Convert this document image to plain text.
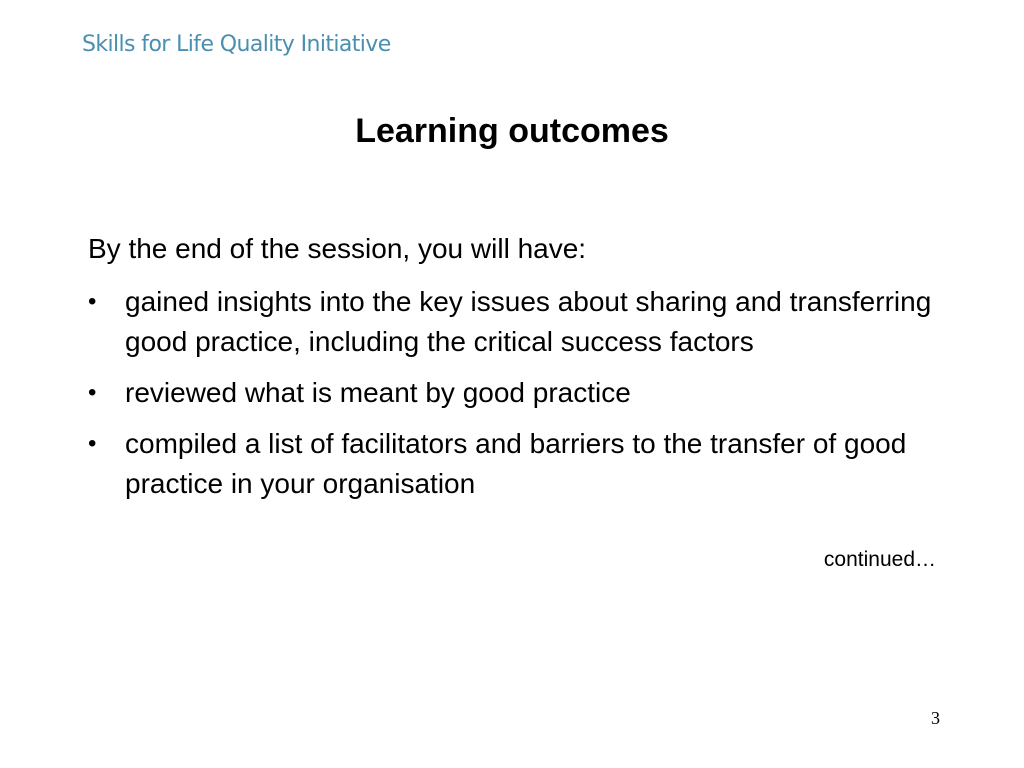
Skills for Life Quality Initiative
Learning outcomes
By the end of the session, you will have:
• gained insights into the key issues about sharing and transferring good practice, including the critical success factors
• reviewed what is meant by good practice
• compiled a list of facilitators and barriers to the transfer of good practice in your organisation
continued…
3
